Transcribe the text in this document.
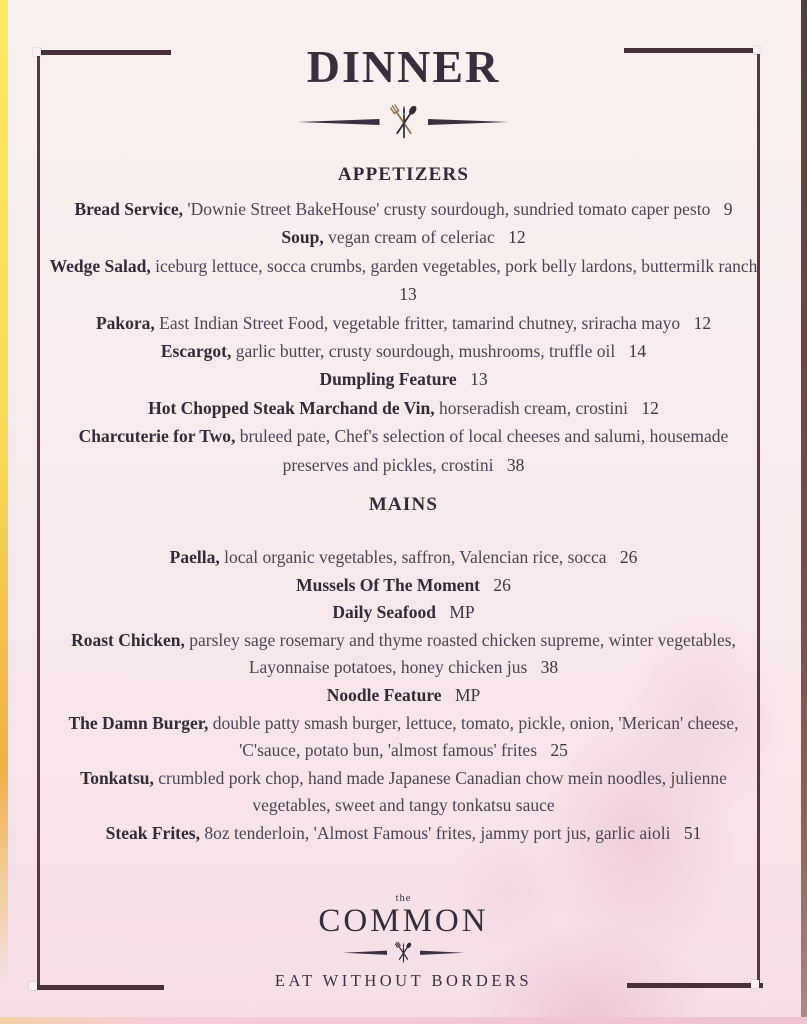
DINNER
APPETIZERS

Bread Service, 'Downie Street BakeHouse' crusty sourdough, sundried tomato caper pesto 9

Soup, vegan cream of celeriac 12

Wedge Salad, iceburg lettuce, socca crumbs, garden vegetables, pork belly lardons, buttermilk ranch 13

Pakora, East Indian Street Food, vegetable fritter, tamarind chutney, sriracha mayo 12

Escargot, garlic butter, crusty sourdough, mushrooms, truffle oil 14

Dumpling Feature 13

Hot Chopped Steak Marchand de Vin, horseradish cream, crostini 12

Charcuterie for Two, bruleed pate, Chef's selection of local cheeses and salumi, housemade preserves and pickles, crostini 38

MAINS

Paella, local organic vegetables, saffron, Valencian rice, socca 26

Mussels Of The Moment 26

Daily Seafood MP

Roast Chicken, parsley sage rosemary and thyme roasted chicken supreme, winter vegetables, Layonnaise potatoes, honey chicken jus 38

Noodle Feature MP

The Damn Burger, double patty smash burger, lettuce, tomato, pickle, onion, 'Merican' cheese, 'C'sauce, potato bun, 'almost famous' frites 25

Tonkatsu, crumbled pork chop, hand made Japanese Canadian chow mein noodles, julienne vegetables, sweet and tangy tonkatsu sauce

Steak Frites, 8oz tenderloin, 'Almost Famous' frites, jammy port jus, garlic aioli 51

the
COMMON
EAT WITHOUT BORDERS
